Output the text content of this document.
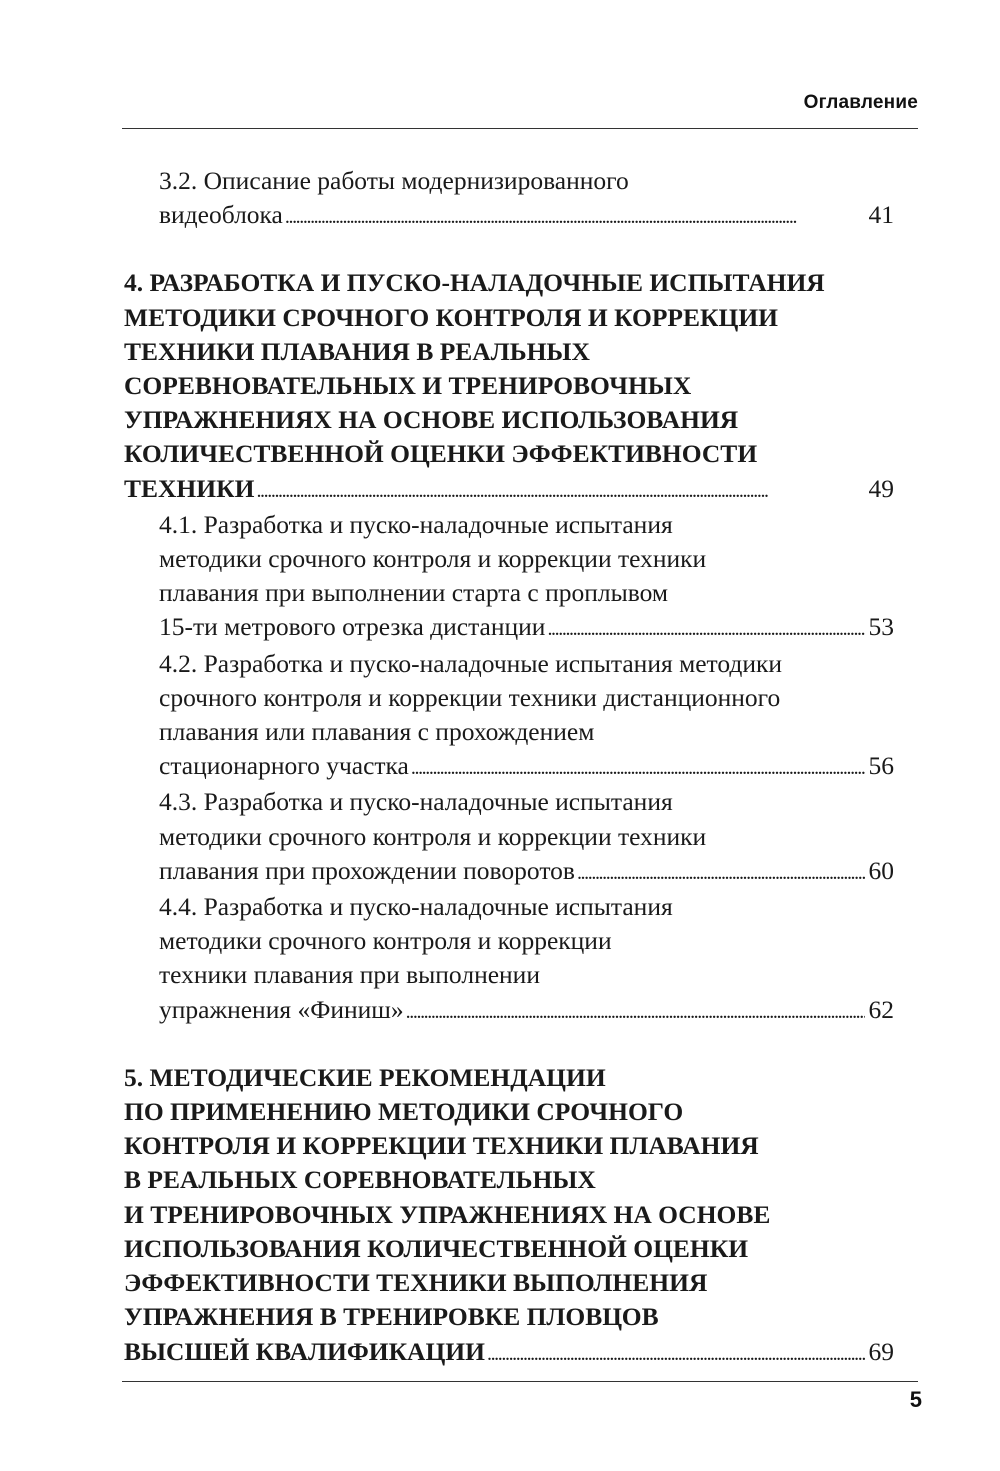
Оглавление
3.2. Описание работы модернизированного
видеоблока . . .	41
4. РАЗРАБОТКА И ПУСКО-НАЛАДОЧНЫЕ ИСПЫТАНИЯ
МЕТОДИКИ СРОЧНОГО КОНТРОЛЯ И КОРРЕКЦИИ
ТЕХНИКИ ПЛАВАНИЯ В РЕАЛЬНЫХ
СОРЕВНОВАТЕЛЬНЫХ И ТРЕНИРОВОЧНЫХ
УПРАЖНЕНИЯХ НА ОСНОВЕ ИСПОЛЬЗОВАНИЯ
КОЛИЧЕСТВЕННОЙ ОЦЕНКИ ЭФФЕКТИВНОСТИ
ТЕХНИКИ . . .	49
4.1. Разработка и пуско-наладочные испытания
методики срочного контроля и коррекции техники
плавания при выполнении старта с проплывом
15-ти метрового отрезка дистанции . . .	53
4.2. Разработка и пуско-наладочные испытания методики
срочного контроля и коррекции техники дистанционного
плавания или плавания с прохождением
стационарного участка . . .	56
4.3. Разработка и пуско-наладочные испытания
методики срочного контроля и коррекции техники
плавания при прохождении поворотов . . .	60
4.4. Разработка и пуско-наладочные испытания
методики срочного контроля и коррекции
техники плавания при выполнении
упражнения «Финиш» . . .	62
5. МЕТОДИЧЕСКИЕ РЕКОМЕНДАЦИИ
ПО ПРИМЕНЕНИЮ МЕТОДИКИ СРОЧНОГО
КОНТРОЛЯ И КОРРЕКЦИИ ТЕХНИКИ ПЛАВАНИЯ
В РЕАЛЬНЫХ СОРЕВНОВАТЕЛЬНЫХ
И ТРЕНИРОВОЧНЫХ УПРАЖНЕНИЯХ НА ОСНОВЕ
ИСПОЛЬЗОВАНИЯ КОЛИЧЕСТВЕННОЙ ОЦЕНКИ
ЭФФЕКТИВНОСТИ ТЕХНИКИ ВЫПОЛНЕНИЯ
УПРАЖНЕНИЯ В ТРЕНИРОВКЕ ПЛОВЦОВ
ВЫСШЕЙ КВАЛИФИКАЦИИ . . .	69
5
